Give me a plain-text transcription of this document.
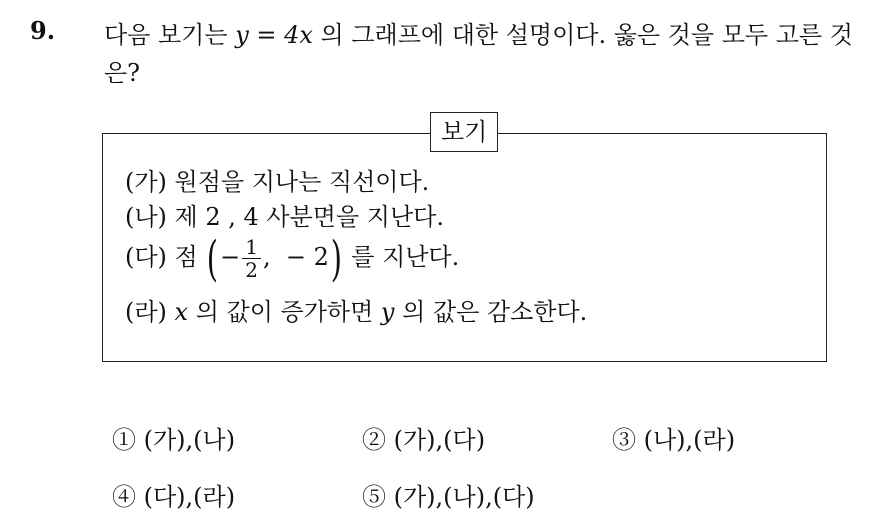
9. 다음 보기는 y = 4x 의 그래프에 대한 설명이다. 옳은 것을 모두 고른 것은?
보기
(가) 원점을 지나는 직선이다.
(나) 제 2 , 4 사분면을 지난다.
(다) 점 (− $\frac{1}{2}$ , − 2) 를 지난다.
(라) x 의 값이 증가하면 y 의 값은 감소한다.
① (가),(나)	② (가),(다)	③ (나),(라)
④ (다),(라)	⑤ (가),(나),(다)
